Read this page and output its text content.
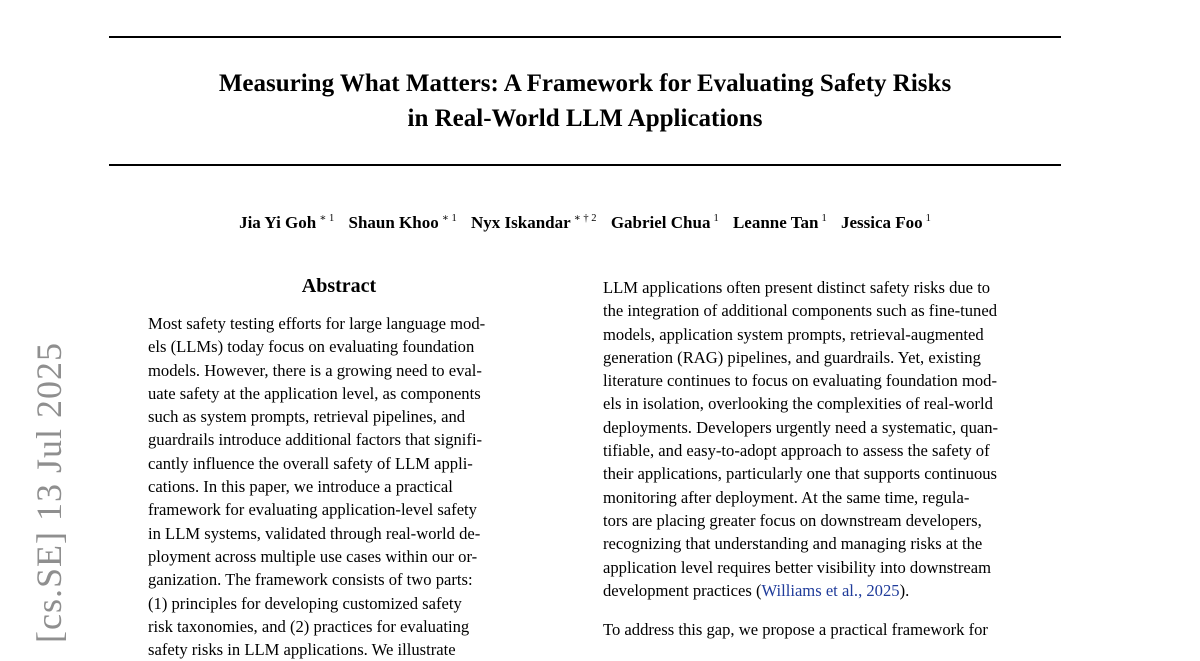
Measuring What Matters: A Framework for Evaluating Safety Risks
in Real-World LLM Applications
Jia Yi Goh $^{∗ 1}$ Shaun Khoo $^{∗ 1}$ Nyx Iskandar $^{∗ \dagger 2}$ Gabriel Chua $^1$ Leanne Tan $^1$ Jessica Foo $^1$
[cs.SE] 13 Jul 2025
Abstract
Most safety testing efforts for large language mod-
els (LLMs) today focus on evaluating foundation
models. However, there is a growing need to eval-
uate safety at the application level, as components
such as system prompts, retrieval pipelines, and
guardrails introduce additional factors that signifi-
cantly influence the overall safety of LLM appli-
cations. In this paper, we introduce a practical
framework for evaluating application-level safety
in LLM systems, validated through real-world de-
ployment across multiple use cases within our or-
ganization. The framework consists of two parts:
(1) principles for developing customized safety
risk taxonomies, and (2) practices for evaluating
safety risks in LLM applications. We illustrate
LLM applications often present distinct safety risks due to
the integration of additional components such as fine-tuned
models, application system prompts, retrieval-augmented
generation (RAG) pipelines, and guardrails. Yet, existing
literature continues to focus on evaluating foundation mod-
els in isolation, overlooking the complexities of real-world
deployments. Developers urgently need a systematic, quan-
tifiable, and easy-to-adopt approach to assess the safety of
their applications, particularly one that supports continuous
monitoring after deployment. At the same time, regula-
tors are placing greater focus on downstream developers,
recognizing that understanding and managing risks at the
application level requires better visibility into downstream
development practices (Williams et al., 2025).
To address this gap, we propose a practical framework for
